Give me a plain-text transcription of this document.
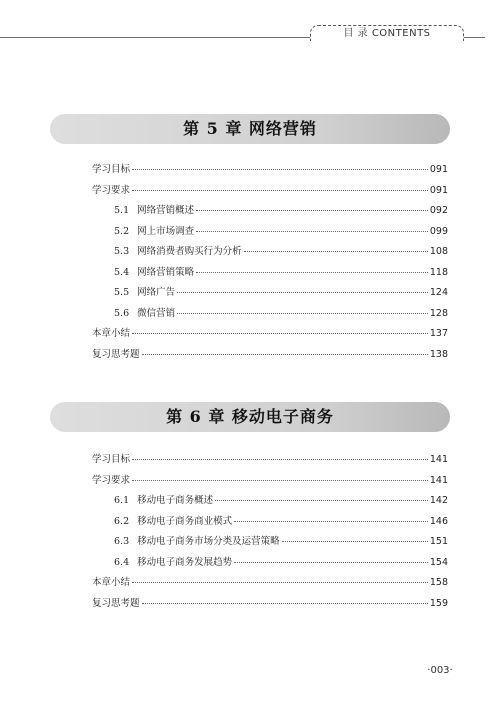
目 录 CONTENTS
第 5 章 网络营销
学习目标	091
学习要求	091
5.1 网络营销概述	092
5.2 网上市场调查	099
5.3 网络消费者购买行为分析	108
5.4 网络营销策略	118
5.5 网络广告	124
5.6 微信营销	128
本章小结	137
复习思考题	138
第 6 章 移动电子商务
学习目标	141
学习要求	141
6.1 移动电子商务概述	142
6.2 移动电子商务商业模式	146
6.3 移动电子商务市场分类及运营策略	151
6.4 移动电子商务发展趋势	154
本章小结	158
复习思考题	159
· 003 ·
